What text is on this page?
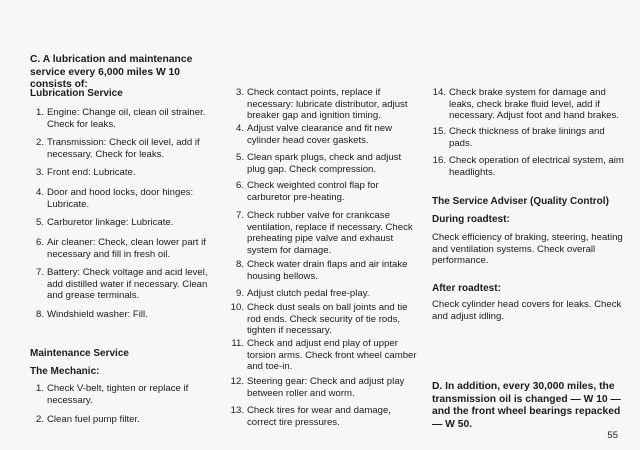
C. A lubrication and maintenance service every 6,000 miles W 10 consists of:
Lubrication Service
1. Engine: Change oil, clean oil strainer. Check for leaks.
2. Transmission: Check oil level, add if necessary. Check for leaks.
3. Front end: Lubricate.
4. Door and hood locks, door hinges: Lubricate.
5. Carburetor linkage: Lubricate.
6. Air cleaner: Check, clean lower part if necessary and fill in fresh oil.
7. Battery: Check voltage and acid level, add distilled water if necessary. Clean and grease terminals.
8. Windshield washer: Fill.
Maintenance Service
The Mechanic:
1. Check V-belt, tighten or replace if necessary.
2. Clean fuel pump filter.
3. Check contact points, replace if necessary: lubricate distributor, adjust breaker gap and ignition timing.
4. Adjust valve clearance and fit new cylinder head cover gaskets.
5. Clean spark plugs, check and adjust plug gap. Check compression.
6. Check weighted control flap for carburetor pre-heating.
7. Check rubber valve for crankcase ventilation, replace if necessary. Check preheating pipe valve and exhaust system for damage.
8. Check water drain flaps and air intake housing bellows.
9. Adjust clutch pedal free-play.
10. Check dust seals on ball joints and tie rod ends. Check security of tie rods, tighten if necessary.
11. Check and adjust end play of upper torsion arms. Check front wheel camber and toe-in.
12. Steering gear: Check and adjust play between roller and worm.
13. Check tires for wear and damage, correct tire pressures.
14. Check brake system for damage and leaks, check brake fluid level, add if necessary. Adjust foot and hand brakes.
15. Check thickness of brake linings and pads.
16. Check operation of electrical system, aim headlights.
The Service Adviser (Quality Control)
During roadtest:
Check efficiency of braking, steering, heating and ventilation systems. Check overall performance.
After roadtest:
Check cylinder head covers for leaks. Check and adjust idling.
D. In addition, every 30,000 miles, the transmission oil is changed — W 10 — and the front wheel bearings repacked — W 50.
55
